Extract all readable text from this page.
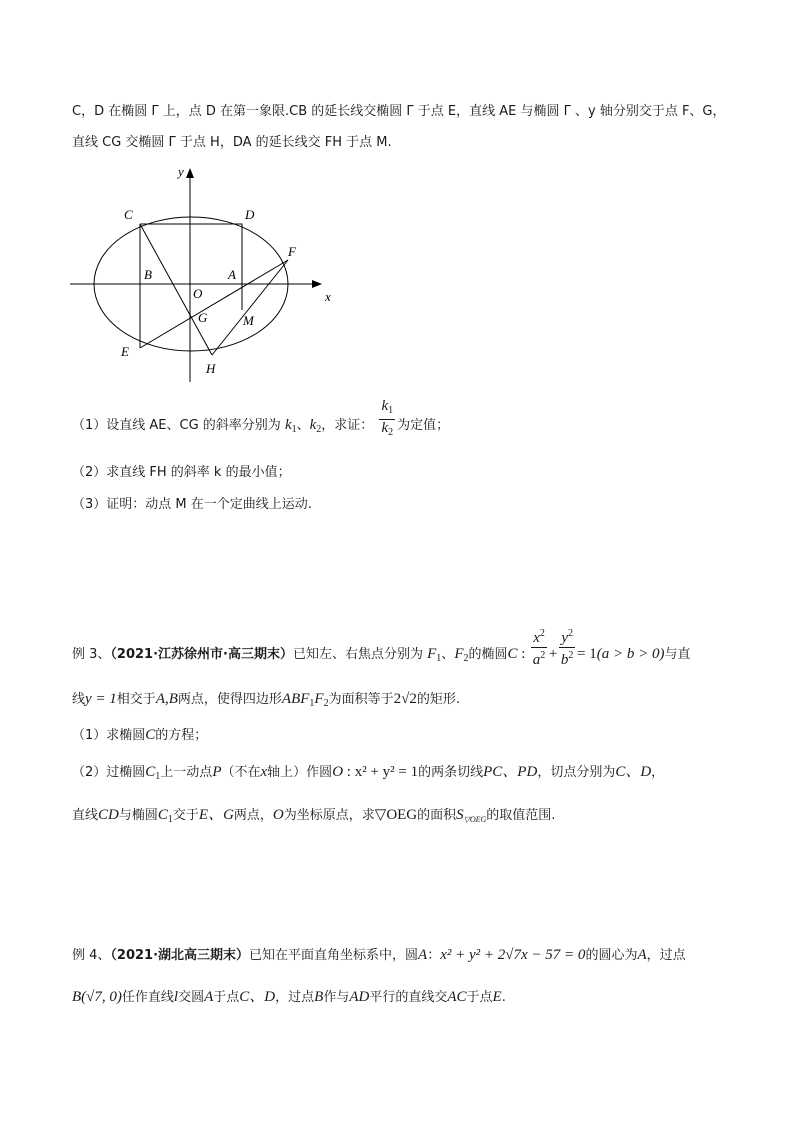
C，D 在椭圆 Γ 上，点 D 在第一象限.CB 的延长线交椭圆 Γ 于点 E，直线 AE 与椭圆 Γ 、y 轴分别交于点 F、G，
直线 CG 交椭圆 Γ 于点 H，DA 的延长线交 FH 于点 M.
y
x
C	D
F
B	A
O
G	M
E
H
（1）设直线 AE、CG 的斜率分别为 $k_1$、$k_2$，求证： $\frac{k_1}{k_2}$ 为定值；
（2）求直线 FH 的斜率 k 的最小值；
（3）证明：动点 M 在一个定曲线上运动.
例 3、（2021·江苏徐州市·高三期末）已知左、右焦点分别为 $F_1$、$F_2$的椭圆C : $\frac{x^2}{a^2} + \frac{y^2}{b^2} = 1(a > b > 0)$与直
线y = 1相交于A,B两点，使得四边形$ABF_1F_2$为面积等于2√2的矩形.
（1）求椭圆C的方程；
（2）过椭圆$C_1$上一动点P（不在x轴上）作圆O : x² + y² = 1的两条切线PC、PD，切点分别为C、D，
直线CD与椭圆$C_1$交于E、G两点，O为坐标原点，求▽OEG的面积$S_{▽OEG}$的取值范围.
例 4、（2021·湖北高三期末）已知在平面直角坐标系中，圆A：x² + y² + 2√7x − 57 = 0的圆心为A，过点
B(√7, 0)任作直线l交圆A于点C、D，过点B作与AD平行的直线交AC于点E.
